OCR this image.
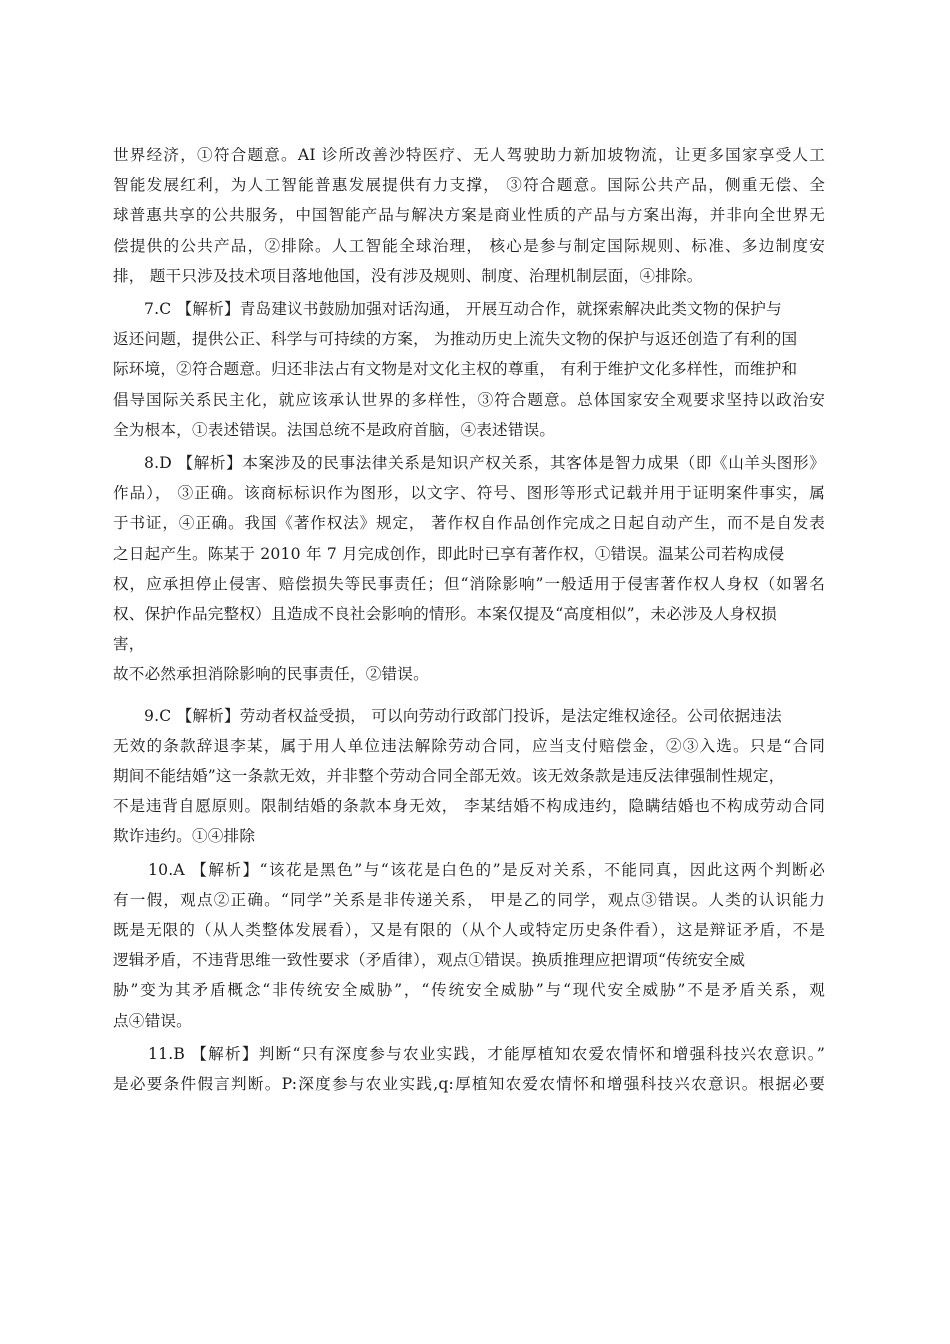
世界经济，①符合题意。AI 诊所改善沙特医疗、无人驾驶助力新加坡物流，让更多国家享受人工
智能发展红利，为人工智能普惠发展提供有力支撑， ③符合题意。国际公共产品，侧重无偿、全
球普惠共享的公共服务，中国智能产品与解决方案是商业性质的产品与方案出海，并非向全世界无
偿提供的公共产品，②排除。人工智能全球治理， 核心是参与制定国际规则、标准、多边制度安
排， 题干只涉及技术项目落地他国，没有涉及规则、制度、治理机制层面，④排除。
7.C 【解析】青岛建议书鼓励加强对话沟通， 开展互动合作，就探索解决此类文物的保护与
返还问题，提供公正、科学与可持续的方案， 为推动历史上流失文物的保护与返还创造了有利的国
际环境，②符合题意。归还非法占有文物是对文化主权的尊重， 有利于维护文化多样性，而维护和
倡导国际关系民主化，就应该承认世界的多样性，③符合题意。总体国家安全观要求坚持以政治安
全为根本，①表述错误。法国总统不是政府首脑，④表述错误。
8.D 【解析】本案涉及的民事法律关系是知识产权关系，其客体是智力成果（即《山羊头图形》
作品）， ③正确。该商标标识作为图形，以文字、符号、图形等形式记载并用于证明案件事实，属
于书证，④正确。我国《著作权法》规定， 著作权自作品创作完成之日起自动产生，而不是自发表
之日起产生。陈某于 2010 年 7 月完成创作，即此时已享有著作权，①错误。温某公司若构成侵
权，应承担停止侵害、赔偿损失等民事责任；但“消除影响”一般适用于侵害著作权人身权（如署名
权、保护作品完整权）且造成不良社会影响的情形。本案仅提及“高度相似”，未必涉及人身权损
害，
故不必然承担消除影响的民事责任，②错误。
9.C 【解析】劳动者权益受损， 可以向劳动行政部门投诉，是法定维权途径。公司依据违法
无效的条款辞退李某，属于用人单位违法解除劳动合同，应当支付赔偿金，②③入选。只是“合同
期间不能结婚”这一条款无效，并非整个劳动合同全部无效。该无效条款是违反法律强制性规定，
不是违背自愿原则。限制结婚的条款本身无效， 李某结婚不构成违约，隐瞒结婚也不构成劳动合同
欺诈违约。①④排除
10.A 【解析】“该花是黑色”与“该花是白色的”是反对关系，不能同真，因此这两个判断必
有一假，观点②正确。“同学”关系是非传递关系， 甲是乙的同学，观点③错误。人类的认识能力
既是无限的（从人类整体发展看），又是有限的（从个人或特定历史条件看），这是辩证矛盾，不是
逻辑矛盾，不违背思维一致性要求（矛盾律），观点①错误。换质推理应把谓项“传统安全威
胁”变为其矛盾概念“非传统安全威胁”，“传统安全威胁”与“现代安全威胁”不是矛盾关系，观
点④错误。
11.B 【解析】判断“只有深度参与农业实践，才能厚植知农爱农情怀和增强科技兴农意识。”
是必要条件假言判断。P:深度参与农业实践,q:厚植知农爱农情怀和增强科技兴农意识。根据必要
